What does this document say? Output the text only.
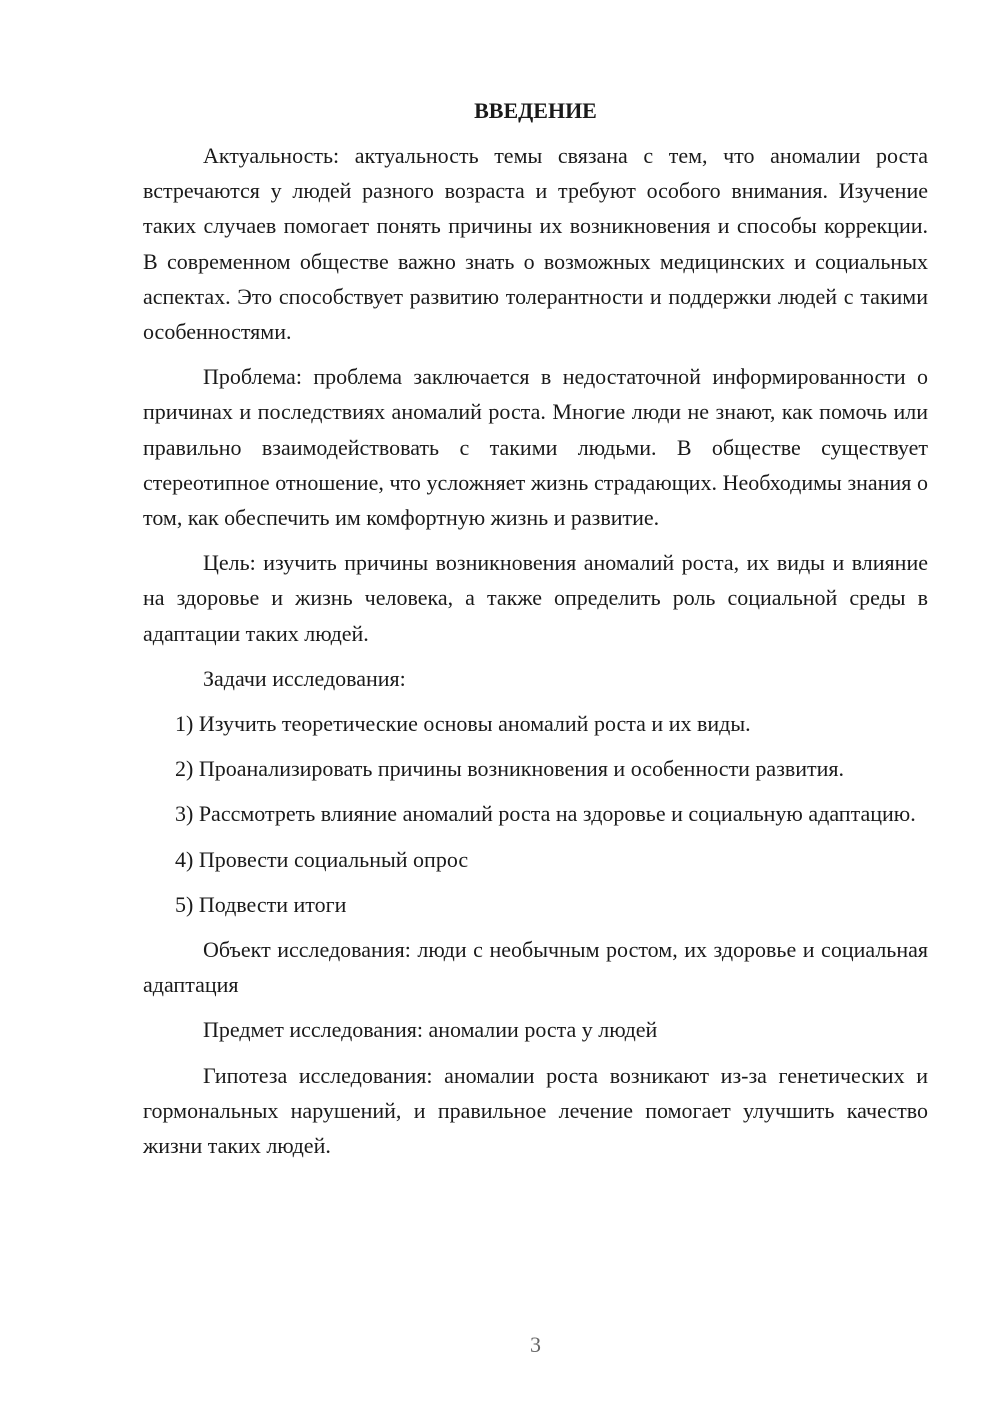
ВВЕДЕНИЕ

Актуальность: актуальность темы связана с тем, что аномалии роста встречаются у людей разного возраста и требуют особого внимания. Изучение таких случаев помогает понять причины их возникновения и способы коррекции. В современном обществе важно знать о возможных медицинских и социальных аспектах. Это способствует развитию толерантности и поддержки людей с такими особенностями.

Проблема: проблема заключается в недостаточной информированности о причинах и последствиях аномалий роста. Многие люди не знают, как помочь или правильно взаимодействовать с такими людьми. В обществе существует стереотипное отношение, что усложняет жизнь страдающих. Необходимы знания о том, как обеспечить им комфортную жизнь и развитие.

Цель: изучить причины возникновения аномалий роста, их виды и влияние на здоровье и жизнь человека, а также определить роль социальной среды в адаптации таких людей.

Задачи исследования:

1) Изучить теоретические основы аномалий роста и их виды.

2) Проанализировать причины возникновения и особенности развития.

3) Рассмотреть влияние аномалий роста на здоровье и социальную адаптацию.

4) Провести социальный опрос

5) Подвести итоги

Объект исследования: люди с необычным ростом, их здоровье и социальная адаптация

Предмет исследования: аномалии роста у людей

Гипотеза исследования: аномалии роста возникают из-за генетических и гормональных нарушений, и правильное лечение помогает улучшить качество жизни таких людей.

3
